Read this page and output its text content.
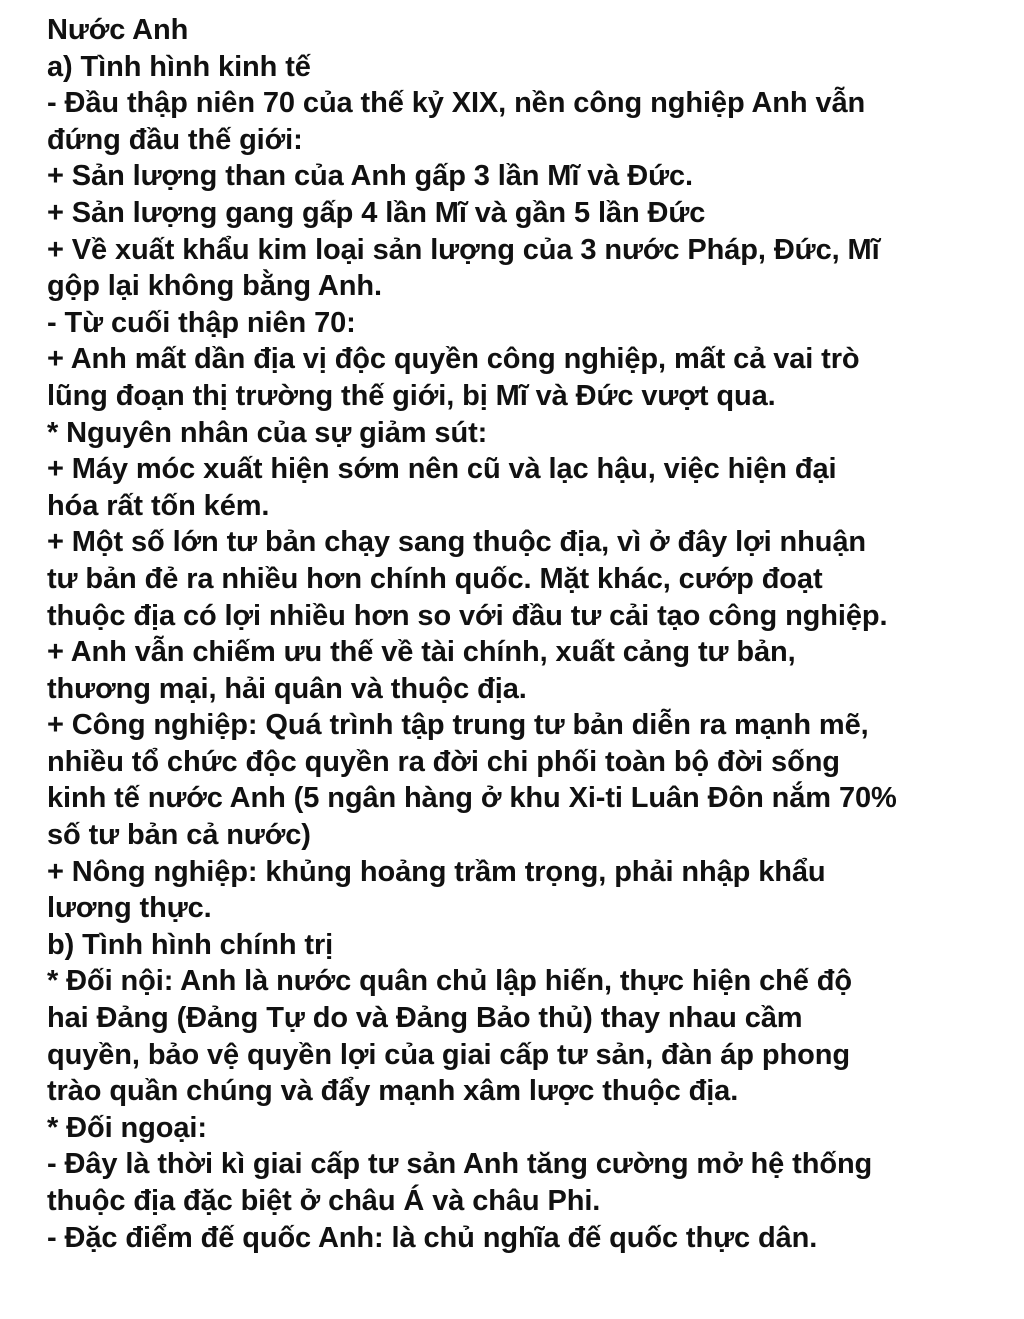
Nước Anh
a) Tình hình kinh tế
- Đầu thập niên 70 của thế kỷ XIX, nền công nghiệp Anh vẫn
đứng đầu thế giới:
+ Sản lượng than của Anh gấp 3 lần Mĩ và Đức.
+ Sản lượng gang gấp 4 lần Mĩ và gần 5 lần Đức
+ Về xuất khẩu kim loại sản lượng của 3 nước Pháp, Đức, Mĩ
gộp lại không bằng Anh.
- Từ cuối thập niên 70:
+ Anh mất dần địa vị độc quyền công nghiệp, mất cả vai trò
lũng đoạn thị trường thế giới, bị Mĩ và Đức vượt qua.
* Nguyên nhân của sự giảm sút:
+ Máy móc xuất hiện sớm nên cũ và lạc hậu, việc hiện đại
hóa rất tốn kém.
+ Một số lớn tư bản chạy sang thuộc địa, vì ở đây lợi nhuận
tư bản đẻ ra nhiều hơn chính quốc. Mặt khác, cướp đoạt
thuộc địa có lợi nhiều hơn so với đầu tư cải tạo công nghiệp.
+ Anh vẫn chiếm ưu thế về tài chính, xuất cảng tư bản,
thương mại, hải quân và thuộc địa.
+ Công nghiệp: Quá trình tập trung tư bản diễn ra mạnh mẽ,
nhiều tổ chức độc quyền ra đời chi phối toàn bộ đời sống
kinh tế nước Anh (5 ngân hàng ở khu Xi-ti Luân Đôn nắm 70%
số tư bản cả nước)
+ Nông nghiệp: khủng hoảng trầm trọng, phải nhập khẩu
lương thực.
b) Tình hình chính trị
* Đối nội: Anh là nước quân chủ lập hiến, thực hiện chế độ
hai Đảng (Đảng Tự do và Đảng Bảo thủ) thay nhau cầm
quyền, bảo vệ quyền lợi của giai cấp tư sản, đàn áp phong
trào quần chúng và đẩy mạnh xâm lược thuộc địa.
* Đối ngoại:
- Đây là thời kì giai cấp tư sản Anh tăng cường mở hệ thống
thuộc địa đặc biệt ở châu Á và châu Phi.
- Đặc điểm đế quốc Anh: là chủ nghĩa đế quốc thực dân.
